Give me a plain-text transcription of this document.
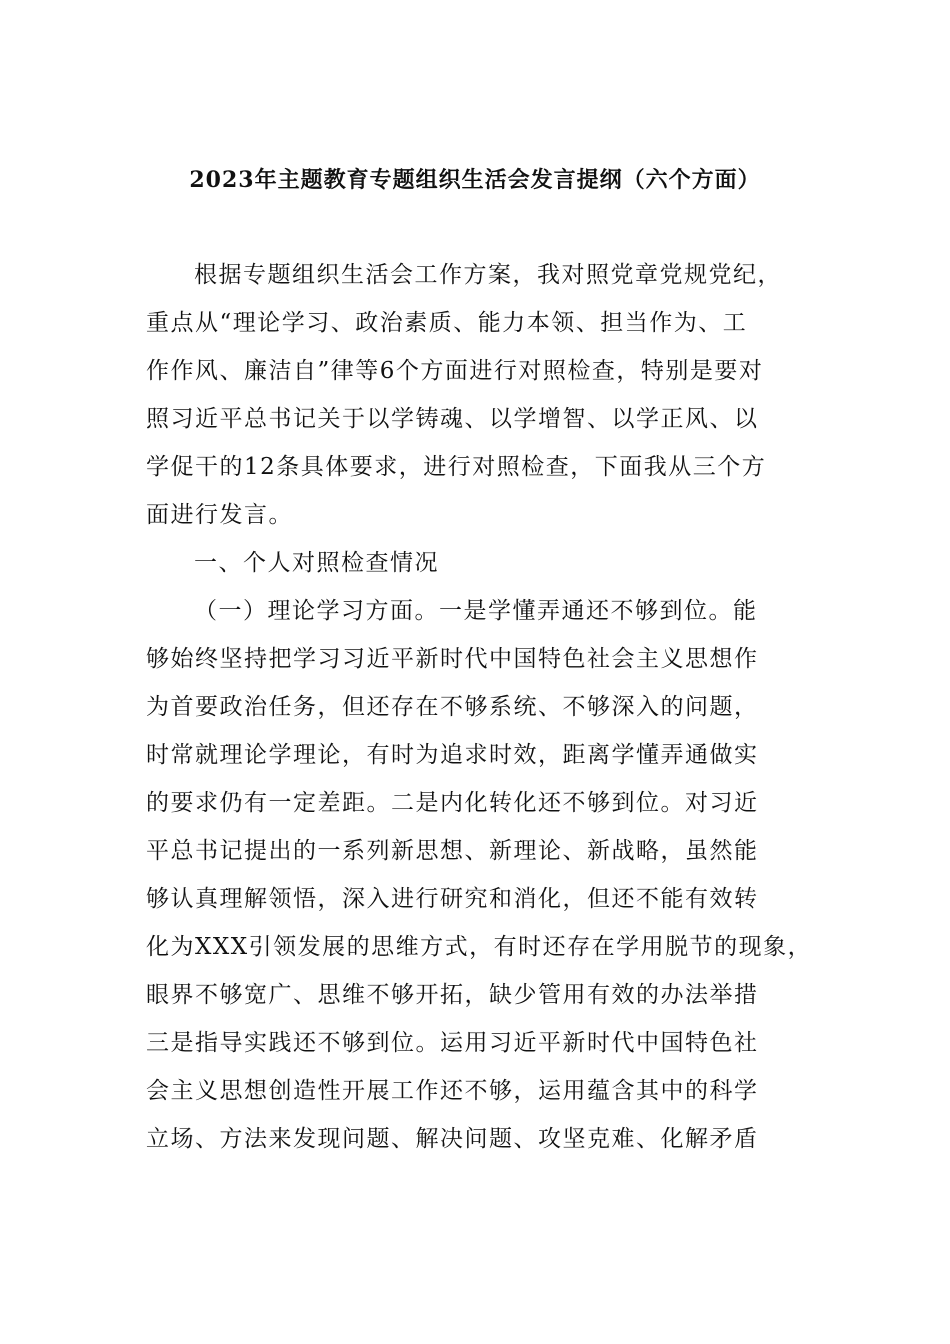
2023年主题教育专题组织生活会发言提纲（六个方面）
根据专题组织生活会工作方案，我对照党章党规党纪，
重点从“理论学习、政治素质、能力本领、担当作为、工
作作风、廉洁自”律等6个方面进行对照检查，特别是要对
照习近平总书记关于以学铸魂、以学增智、以学正风、以
学促干的12条具体要求，进行对照检查，下面我从三个方
面进行发言。
一、个人对照检查情况
（一）理论学习方面。一是学懂弄通还不够到位。能
够始终坚持把学习习近平新时代中国特色社会主义思想作
为首要政治任务，但还存在不够系统、不够深入的问题，
时常就理论学理论，有时为追求时效，距离学懂弄通做实
的要求仍有一定差距。二是内化转化还不够到位。对习近
平总书记提出的一系列新思想、新理论、新战略，虽然能
够认真理解领悟，深入进行研究和消化，但还不能有效转
化为XXX引领发展的思维方式，有时还存在学用脱节的现象，
眼界不够宽广、思维不够开拓，缺少管用有效的办法举措
三是指导实践还不够到位。运用习近平新时代中国特色社
会主义思想创造性开展工作还不够，运用蕴含其中的科学
立场、方法来发现问题、解决问题、攻坚克难、化解矛盾
